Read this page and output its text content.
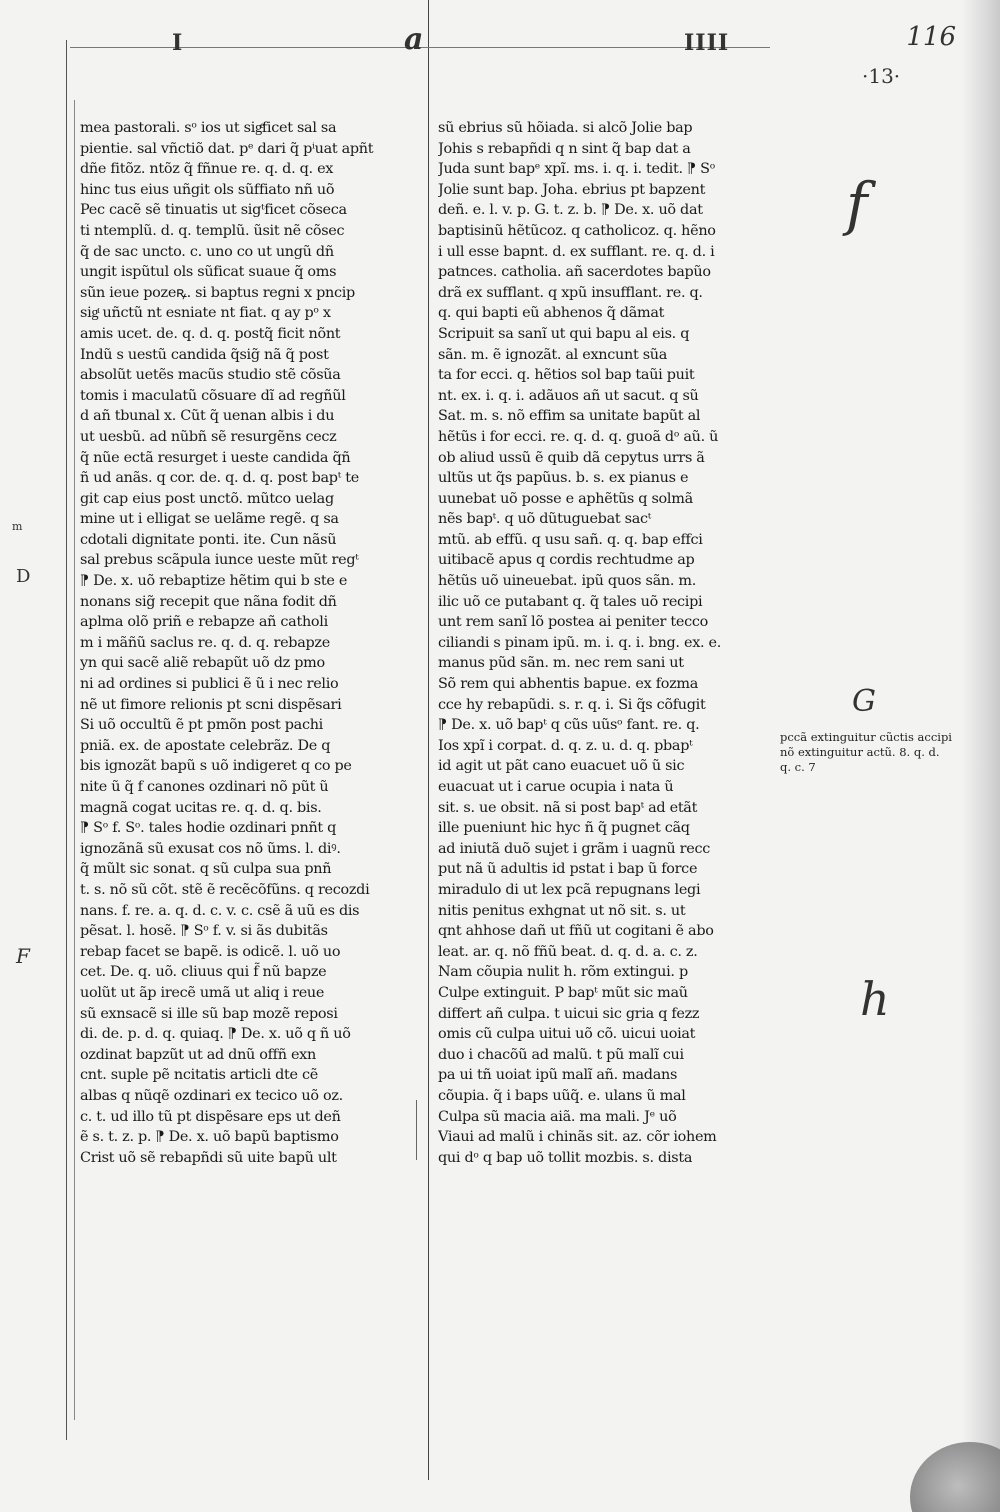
116
I	a	IIII
·13·
f
G
h
m
D
F
pccã extinguitur cũctis accipi
nõ extinguitur actũ. 8. q. d.
q. c. 7
mea pastorali. sᵒ ios ut sigͤficet sal sa
pientie. sal vñctiõ dat. pᵉ dari q̃ pⁱuat apñt
dñe fitõz. ntõz q̃ fñnue re. q. d. q. ex
hinc tus eius uñgit ols sũffiato nñ uõ
Pec cacẽ sẽ tinuatis ut sigᵗficet cõseca
ti ntemplũ. d. q. templũ. ũsit nẽ cõsec
q̃ de sac uncto. c. uno co ut ungũ dñ
ungit ispũtul ols sũficat suaue q̃ oms
sũn ieue pozeꝶ. si baptus regni x pncip
sigͭ uñctũ nt esniate nt fiat. q ay pᵒ x
amis ucet. de. q. d. q. postq̃ ficit nõnt
Indũ s uestũ candida q̃sig̃ nã q̃ post
absolũt uetẽs macũs studio stẽ cõsũa
tomis i maculatũ cõsuare dĩ ad regñũl
d añ tbunal x. Cũt q̃ uenan albis i du
ut uesbũ. ad nũbñ sẽ resurgẽns cecz
q̃ nũe ectã resurget i ueste candida q̃ñ
ñ ud anãs. q cor. de. q. d. q. post bapᵗ te
git cap eius post unctõ. mũtco uelag
mine ut i elligat se uelãme regẽ. q sa
cdotali dignitate ponti. ite. Cun nãsũ
sal prebus scãpula iunce ueste mũt regᵗ
⁋ De. x. uõ rebaptize hẽtim qui b ste e
nonans sig̃ recepit que nãna fodit dñ
aplma olõ priñ e rebapze añ catholi
m i mãñũ saclus re. q. d. q. rebapze
yn qui sacẽ aliẽ rebapũt uõ dz pmo
ni ad ordines si publici ẽ ũ i nec relio
nẽ ut fimore relionis pt scni dispẽsari
Si uõ occultũ ẽ pt pmõn post pachi
pniã. ex. de apostate celebrãz. De q
bis ignozãt bapũ s uõ indigeret q co pe
nite ũ q̃ f canones ozdinari nõ pũt ũ
magnã cogat ucitas re. q. d. q. bis.
⁋ Sᵒ f. Sᵒ. tales hodie ozdinari pnñt q
ignozãnã sũ exusat cos nõ ũms. l. diꝰ.
q̃ mũlt sic sonat. q sũ culpa sua pnñ
t. s. nõ sũ cõt. stẽ ẽ recẽcõfũns. q recozdi
nans. f. re. a. q. d. c. v. c. csẽ ã uũ es dis
pẽsat. l. hosẽ. ⁋ Sᵒ f. v. si ãs dubitãs
rebap facet se bapẽ. is odicẽ. l. uõ uo
cet. De. q. uõ. cliuus qui f̃ nũ bapze
uolũt ut ãp irecẽ umã ut aliq i reue
sũ exnsacẽ si ille sũ bap mozẽ reposi
di. de. p. d. q. quiaq. ⁋ De. x. uõ q ñ uõ
ozdinat bapzũt ut ad dnũ offñ exn
cnt. suple pẽ ncitatis articli dte cẽ
albas q nũqẽ ozdinari ex tecico uõ oz.
c. t. ud illo tũ pt dispẽsare eps ut deñ
ẽ s. t. z. p. ⁋ De. x. uõ bapũ baptismo
Crist uõ sẽ rebapñdi sũ uite bapũ ult
sũ ebrius sũ hõiada. si alcõ Jolie bap
Johis s rebapñdi q n sint q̃ bap dat a
Juda sunt bapᵉ xpĩ. ms. i. q. i. tedit. ⁋ Sᵒ
Jolie sunt bap. Joha. ebrius pt bapzent
deñ. e. l. v. p. G. t. z. b. ⁋ De. x. uõ dat
baptisinũ hẽtũcoz. q catholicoz. q. hẽno
i ull esse bapnt. d. ex sufflant. re. q. d. i
patnces. catholia. añ sacerdotes bapũo
drã ex sufflant. q xpũ insufflant. re. q.
q. qui bapti eũ abhenos q̃ dãmat
Scripuit sa sanĩ ut qui bapu al eis. q
sãn. m. ẽ ignozãt. al exncunt sũa
ta for ecci. q. hẽtios sol bap taũi puit
nt. ex. i. q. i. adãuos añ ut sacut. q sũ
Sat. m. s. nõ effim sa unitate bapũt al
hẽtũs i for ecci. re. q. d. q. guoã dᵒ aũ. ũ
ob aliud ussũ ẽ quib dã cepytus urrs ã
ultũs ut q̃s papũus. b. s. ex pianus e
uunebat uõ posse e aphẽtũs q solmã
nẽs bapᵗ. q uõ dũtuguebat sacᵗ
mtũ. ab effũ. q usu sañ. q. q. bap effci
uitibacẽ apus q cordis rechtudme ap
hẽtũs uõ uineuebat. ipũ quos sãn. m.
ilic uõ ce putabant q. q̃ tales uõ recipi
unt rem sanĩ lõ postea ai peniter tecco
ciliandi s pinam ipũ. m. i. q. i. bng. ex. e.
manus pũd sãn. m. nec rem sani ut
Sõ rem qui abhentis bapue. ex fozma
cce hy rebapũdi. s. r. q. i. Si q̃s cõfugit
⁋ De. x. uõ bapᵗ q cũs uũsᵒ fant. re. q.
Ios xpĩ i corpat. d. q. z. u. d. q. pbapᵗ
id agit ut pãt cano euacuet uõ ũ sic
euacuat ut i carue ocupia i nata ũ
sit. s. ue obsit. nã si post bapᵗ ad etãt
ille pueniunt hic hyc ñ q̃ pugnet cãq
ad iniutã duõ sujet i grãm i uagnũ recc
put nã ũ adultis id pstat i bap ũ force
miradulo di ut lex pcã repugnans legi
nitis penitus exhgnat ut nõ sit. s. ut
qnt ahhose dañ ut fñũ ut cogitani ẽ abo
leat. ar. q. nõ fñũ beat. d. q. d. a. c. z.
Nam cõupia nulit h. rõm extingui. p
Culpe extinguit. P bapᵗ mũt sic maũ
differt añ culpa. t uicui sic gria q fezz
omis cũ culpa uitui uõ cõ. uicui uoiat
duo i chacõũ ad malũ. t pũ malĩ cui
pa ui tñ uoiat ipũ malĩ añ. madans
cõupia. q̃ i baps uũq̃. e. ulans ũ mal
Culpa sũ macia aiã. ma mali. Jᵉ uõ
Viaui ad malũ i chinãs sit. az. cõr iohem
qui dᵒ q bap uõ tollit mozbis. s. dista
